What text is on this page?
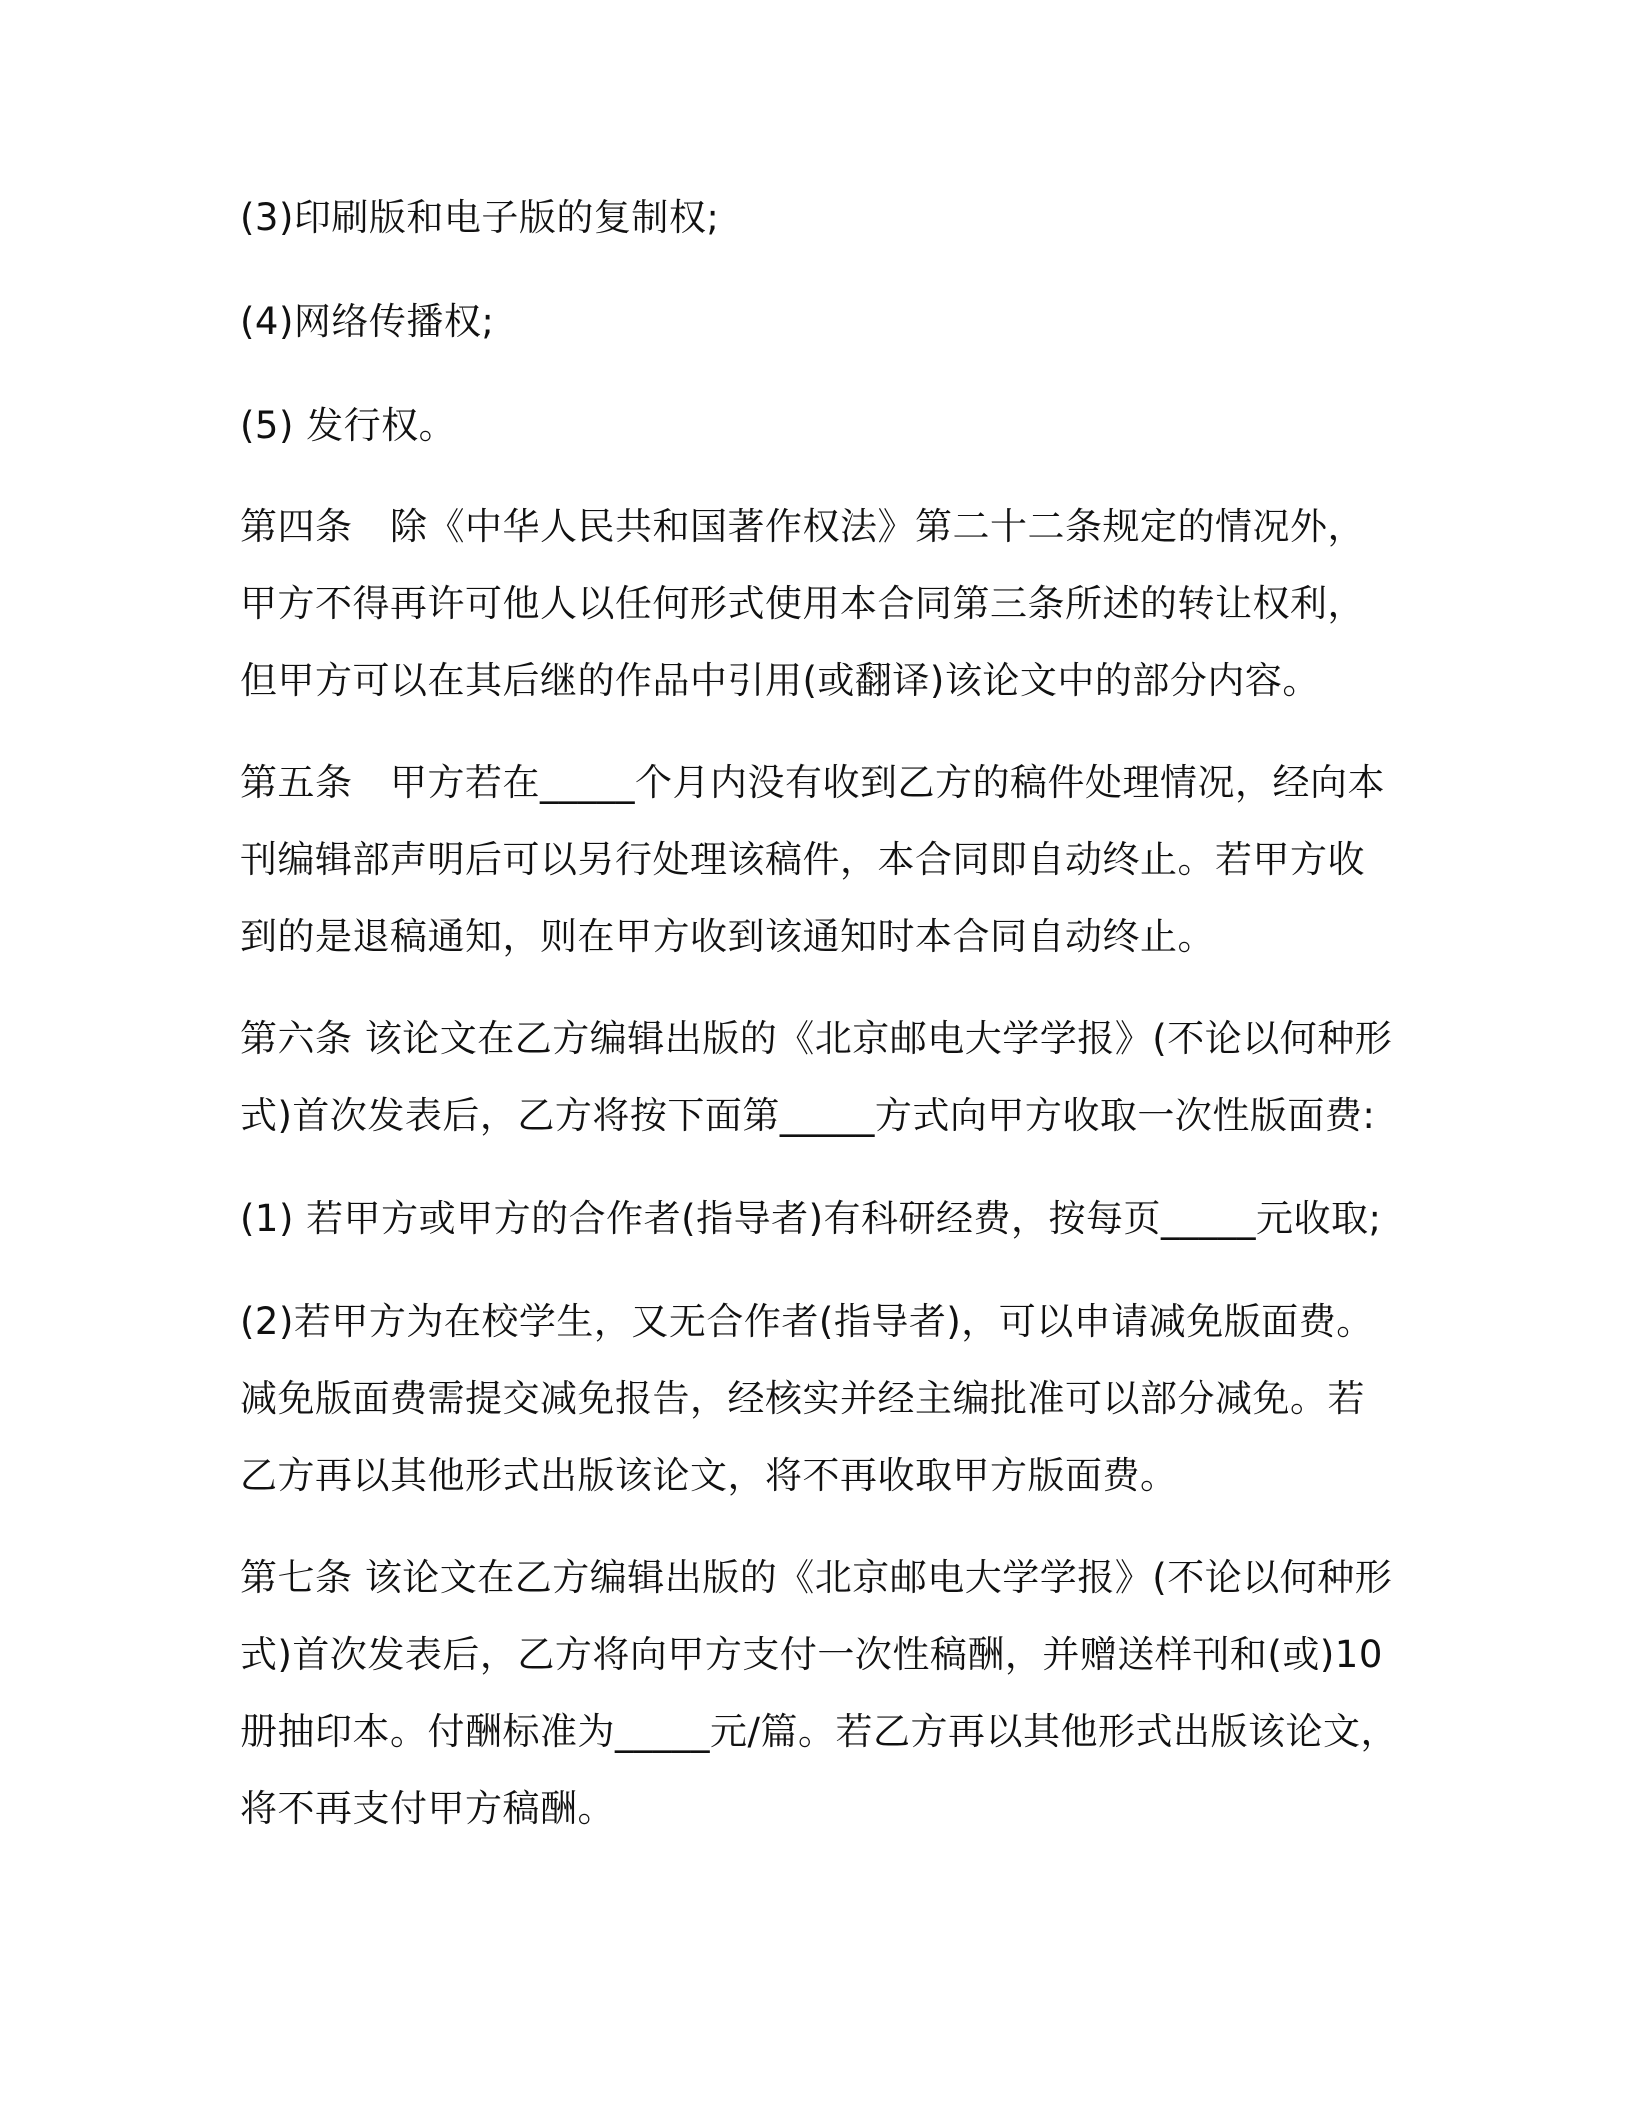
(3)印刷版和电子版的复制权;
(4)网络传播权;
(5) 发行权。
第四条　除《中华人民共和国著作权法》第二十二条规定的情况外，
甲方不得再许可他人以任何形式使用本合同第三条所述的转让权利，
但甲方可以在其后继的作品中引用(或翻译)该论文中的部分内容。
第五条　甲方若在_____个月内没有收到乙方的稿件处理情况，经向本
刊编辑部声明后可以另行处理该稿件，本合同即自动终止。若甲方收
到的是退稿通知，则在甲方收到该通知时本合同自动终止。
第六条 该论文在乙方编辑出版的《北京邮电大学学报》(不论以何种形
式)首次发表后，乙方将按下面第_____方式向甲方收取一次性版面费:
(1) 若甲方或甲方的合作者(指导者)有科研经费，按每页_____元收取;
(2)若甲方为在校学生，又无合作者(指导者)，可以申请减免版面费。
减免版面费需提交减免报告，经核实并经主编批准可以部分减免。若
乙方再以其他形式出版该论文，将不再收取甲方版面费。
第七条 该论文在乙方编辑出版的《北京邮电大学学报》(不论以何种形
式)首次发表后，乙方将向甲方支付一次性稿酬，并赠送样刊和(或)10
册抽印本。付酬标准为_____元/篇。若乙方再以其他形式出版该论文，
将不再支付甲方稿酬。
